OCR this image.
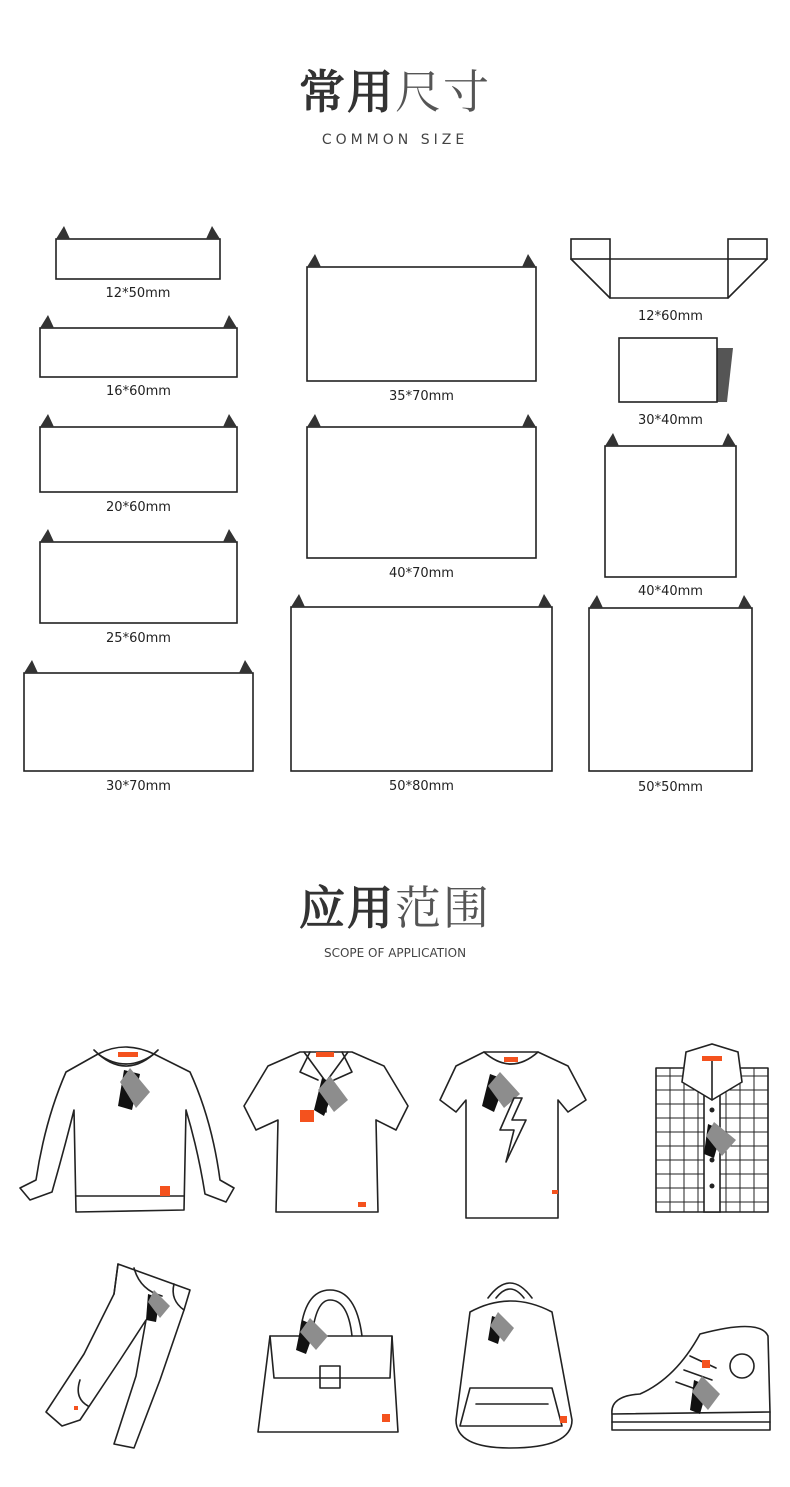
常用尺寸
COMMON SIZE
12*50mm
16*60mm
20*60mm
25*60mm
30*70mm
35*70mm
40*70mm
50*80mm
12*60mm
30*40mm
40*40mm
50*50mm
应用范围
SCOPE OF APPLICATION
